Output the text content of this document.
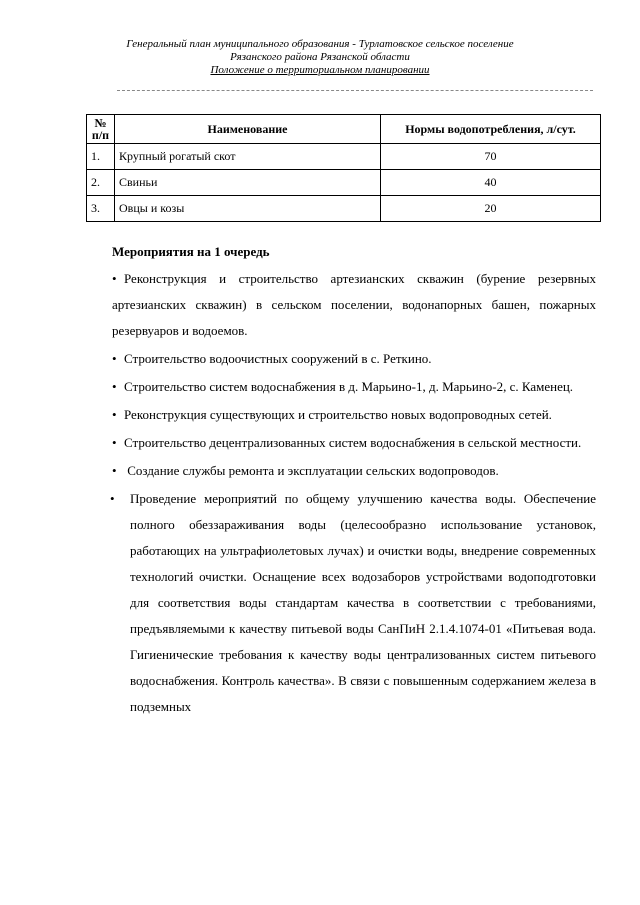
Генеральный план муниципального образования - Турлатовское сельское поселение
Рязанского района Рязанской области
Положение о территориальном планировании
№ п/п	Наименование	Нормы водопотребления, л/сут.
1.	Крупный рогатый скот	70
2.	Свиньи	40
3.	Овцы и козы	20
Мероприятия на 1 очередь

• Реконструкция и строительство артезианских скважин (бурение резервных артезианских скважин) в сельском поселении, водонапорных башен, пожарных резервуаров и водоемов.

• Строительство водоочистных сооружений в с. Реткино.

• Строительство систем водоснабжения в д. Марьино-1, д. Марьино-2, с. Каменец.

• Реконструкция существующих и строительство новых водопроводных сетей.

• Строительство децентрализованных систем водоснабжения в сельской местности.

• Создание службы ремонта и эксплуатации сельских водопроводов.

•	Проведение мероприятий по общему улучшению качества воды. Обеспечение полного обеззараживания воды (целесообразно использование установок, работающих на ультрафиолетовых лучах) и очистки воды, внедрение современных технологий очистки. Оснащение всех водозаборов устройствами водоподготовки для соответствия воды стандартам качества в соответствии с требованиями, предъявляемыми к качеству питьевой воды СанПиН 2.1.4.1074-01 «Питьевая вода. Гигиенические требования к качеству воды централизованных систем питьевого водоснабжения. Контроль качества». В связи с повышенным содержанием железа в подземных
